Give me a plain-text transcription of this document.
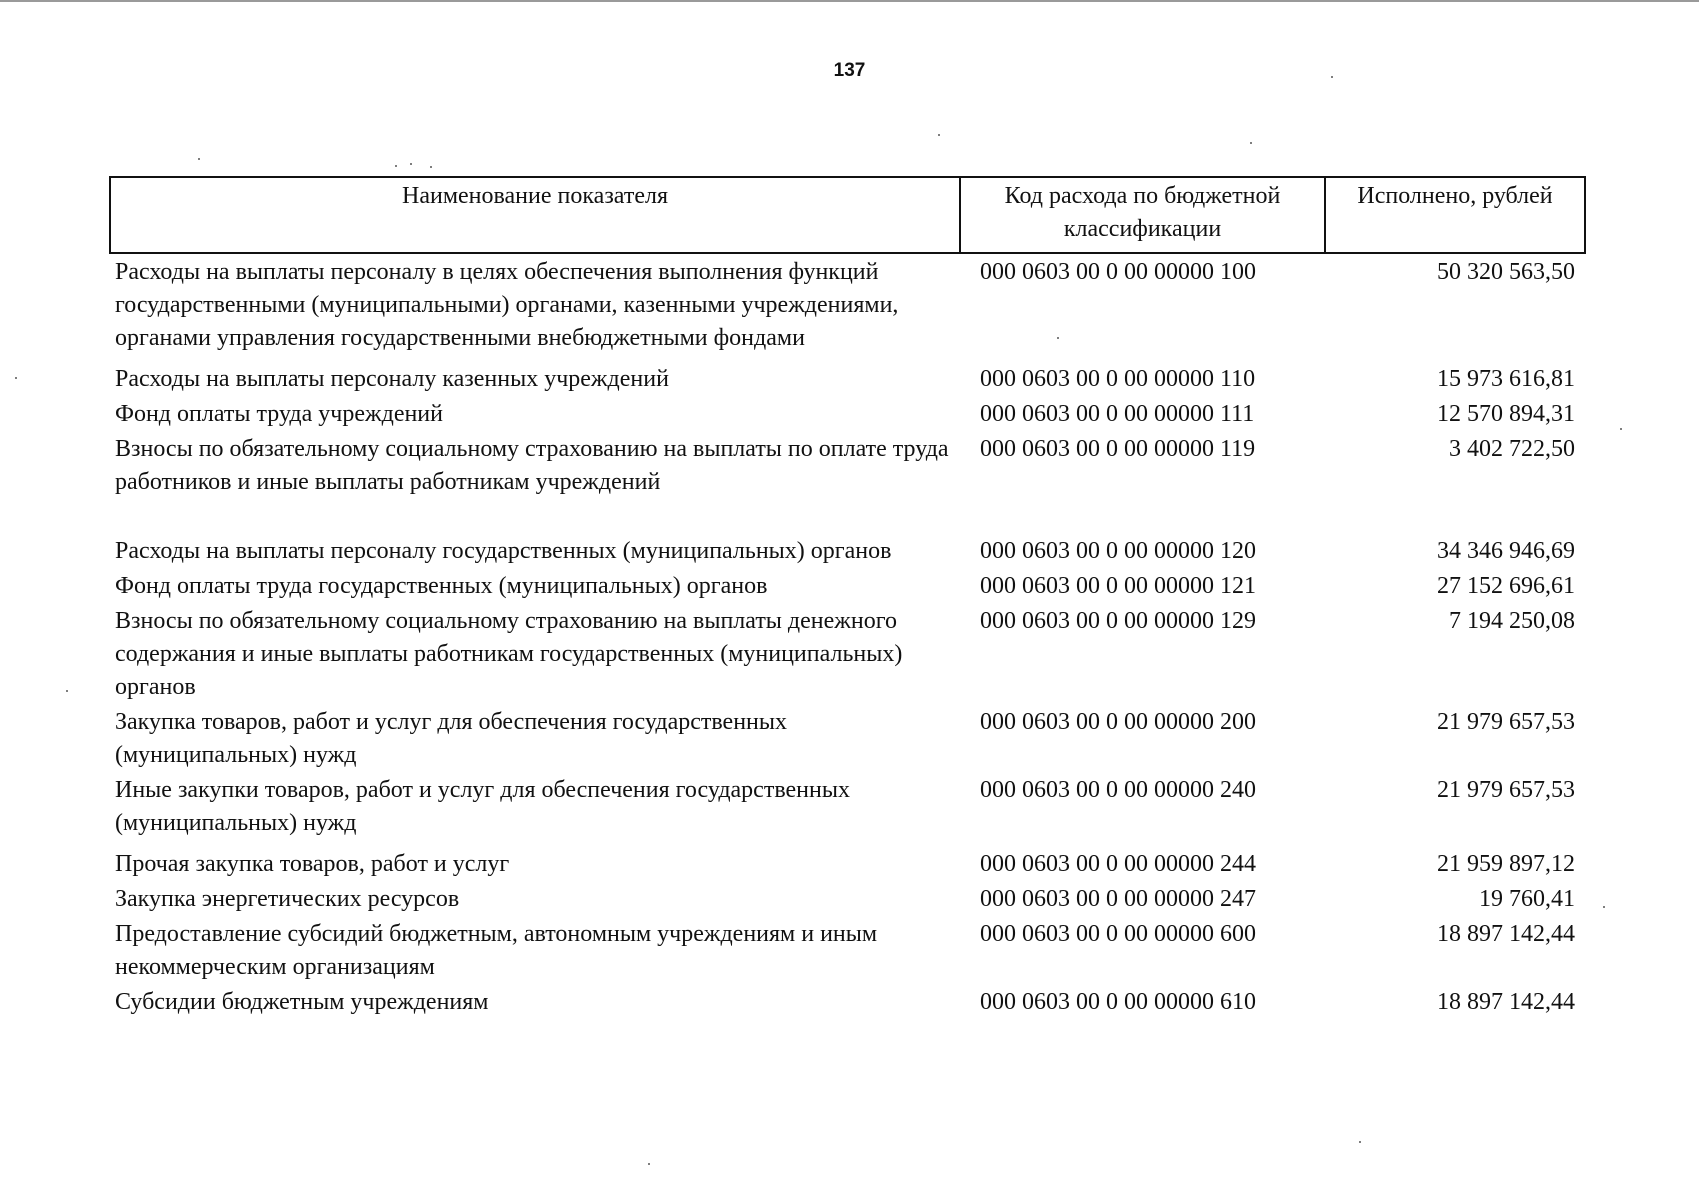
137
Наименование показателя	Код расхода по бюджетной классификации	Исполнено, рублей
Расходы на выплаты персоналу в целях обеспечения выполнения функций государственными (муниципальными) органами, казенными учреждениями, органами управления государственными внебюджетными фондами	000 0603 00 0 00 00000 100	50 320 563,50
Расходы на выплаты персоналу казенных учреждений	000 0603 00 0 00 00000 110	15 973 616,81
Фонд оплаты труда учреждений	000 0603 00 0 00 00000 111	12 570 894,31
Взносы по обязательному социальному страхованию на выплаты по оплате труда работников и иные выплаты работникам учреждений	000 0603 00 0 00 00000 119	3 402 722,50
Расходы на выплаты персоналу государственных (муниципальных) органов	000 0603 00 0 00 00000 120	34 346 946,69
Фонд оплаты труда государственных (муниципальных) органов	000 0603 00 0 00 00000 121	27 152 696,61
Взносы по обязательному социальному страхованию на выплаты денежного содержания и иные выплаты работникам государственных (муниципальных) органов	000 0603 00 0 00 00000 129	7 194 250,08
Закупка товаров, работ и услуг для обеспечения государственных (муниципальных) нужд	000 0603 00 0 00 00000 200	21 979 657,53
Иные закупки товаров, работ и услуг для обеспечения государственных (муниципальных) нужд	000 0603 00 0 00 00000 240	21 979 657,53
Прочая закупка товаров, работ и услуг	000 0603 00 0 00 00000 244	21 959 897,12
Закупка энергетических ресурсов	000 0603 00 0 00 00000 247	19 760,41
Предоставление субсидий бюджетным, автономным учреждениям и иным некоммерческим организациям	000 0603 00 0 00 00000 600	18 897 142,44
Субсидии бюджетным учреждениям	000 0603 00 0 00 00000 610	18 897 142,44
